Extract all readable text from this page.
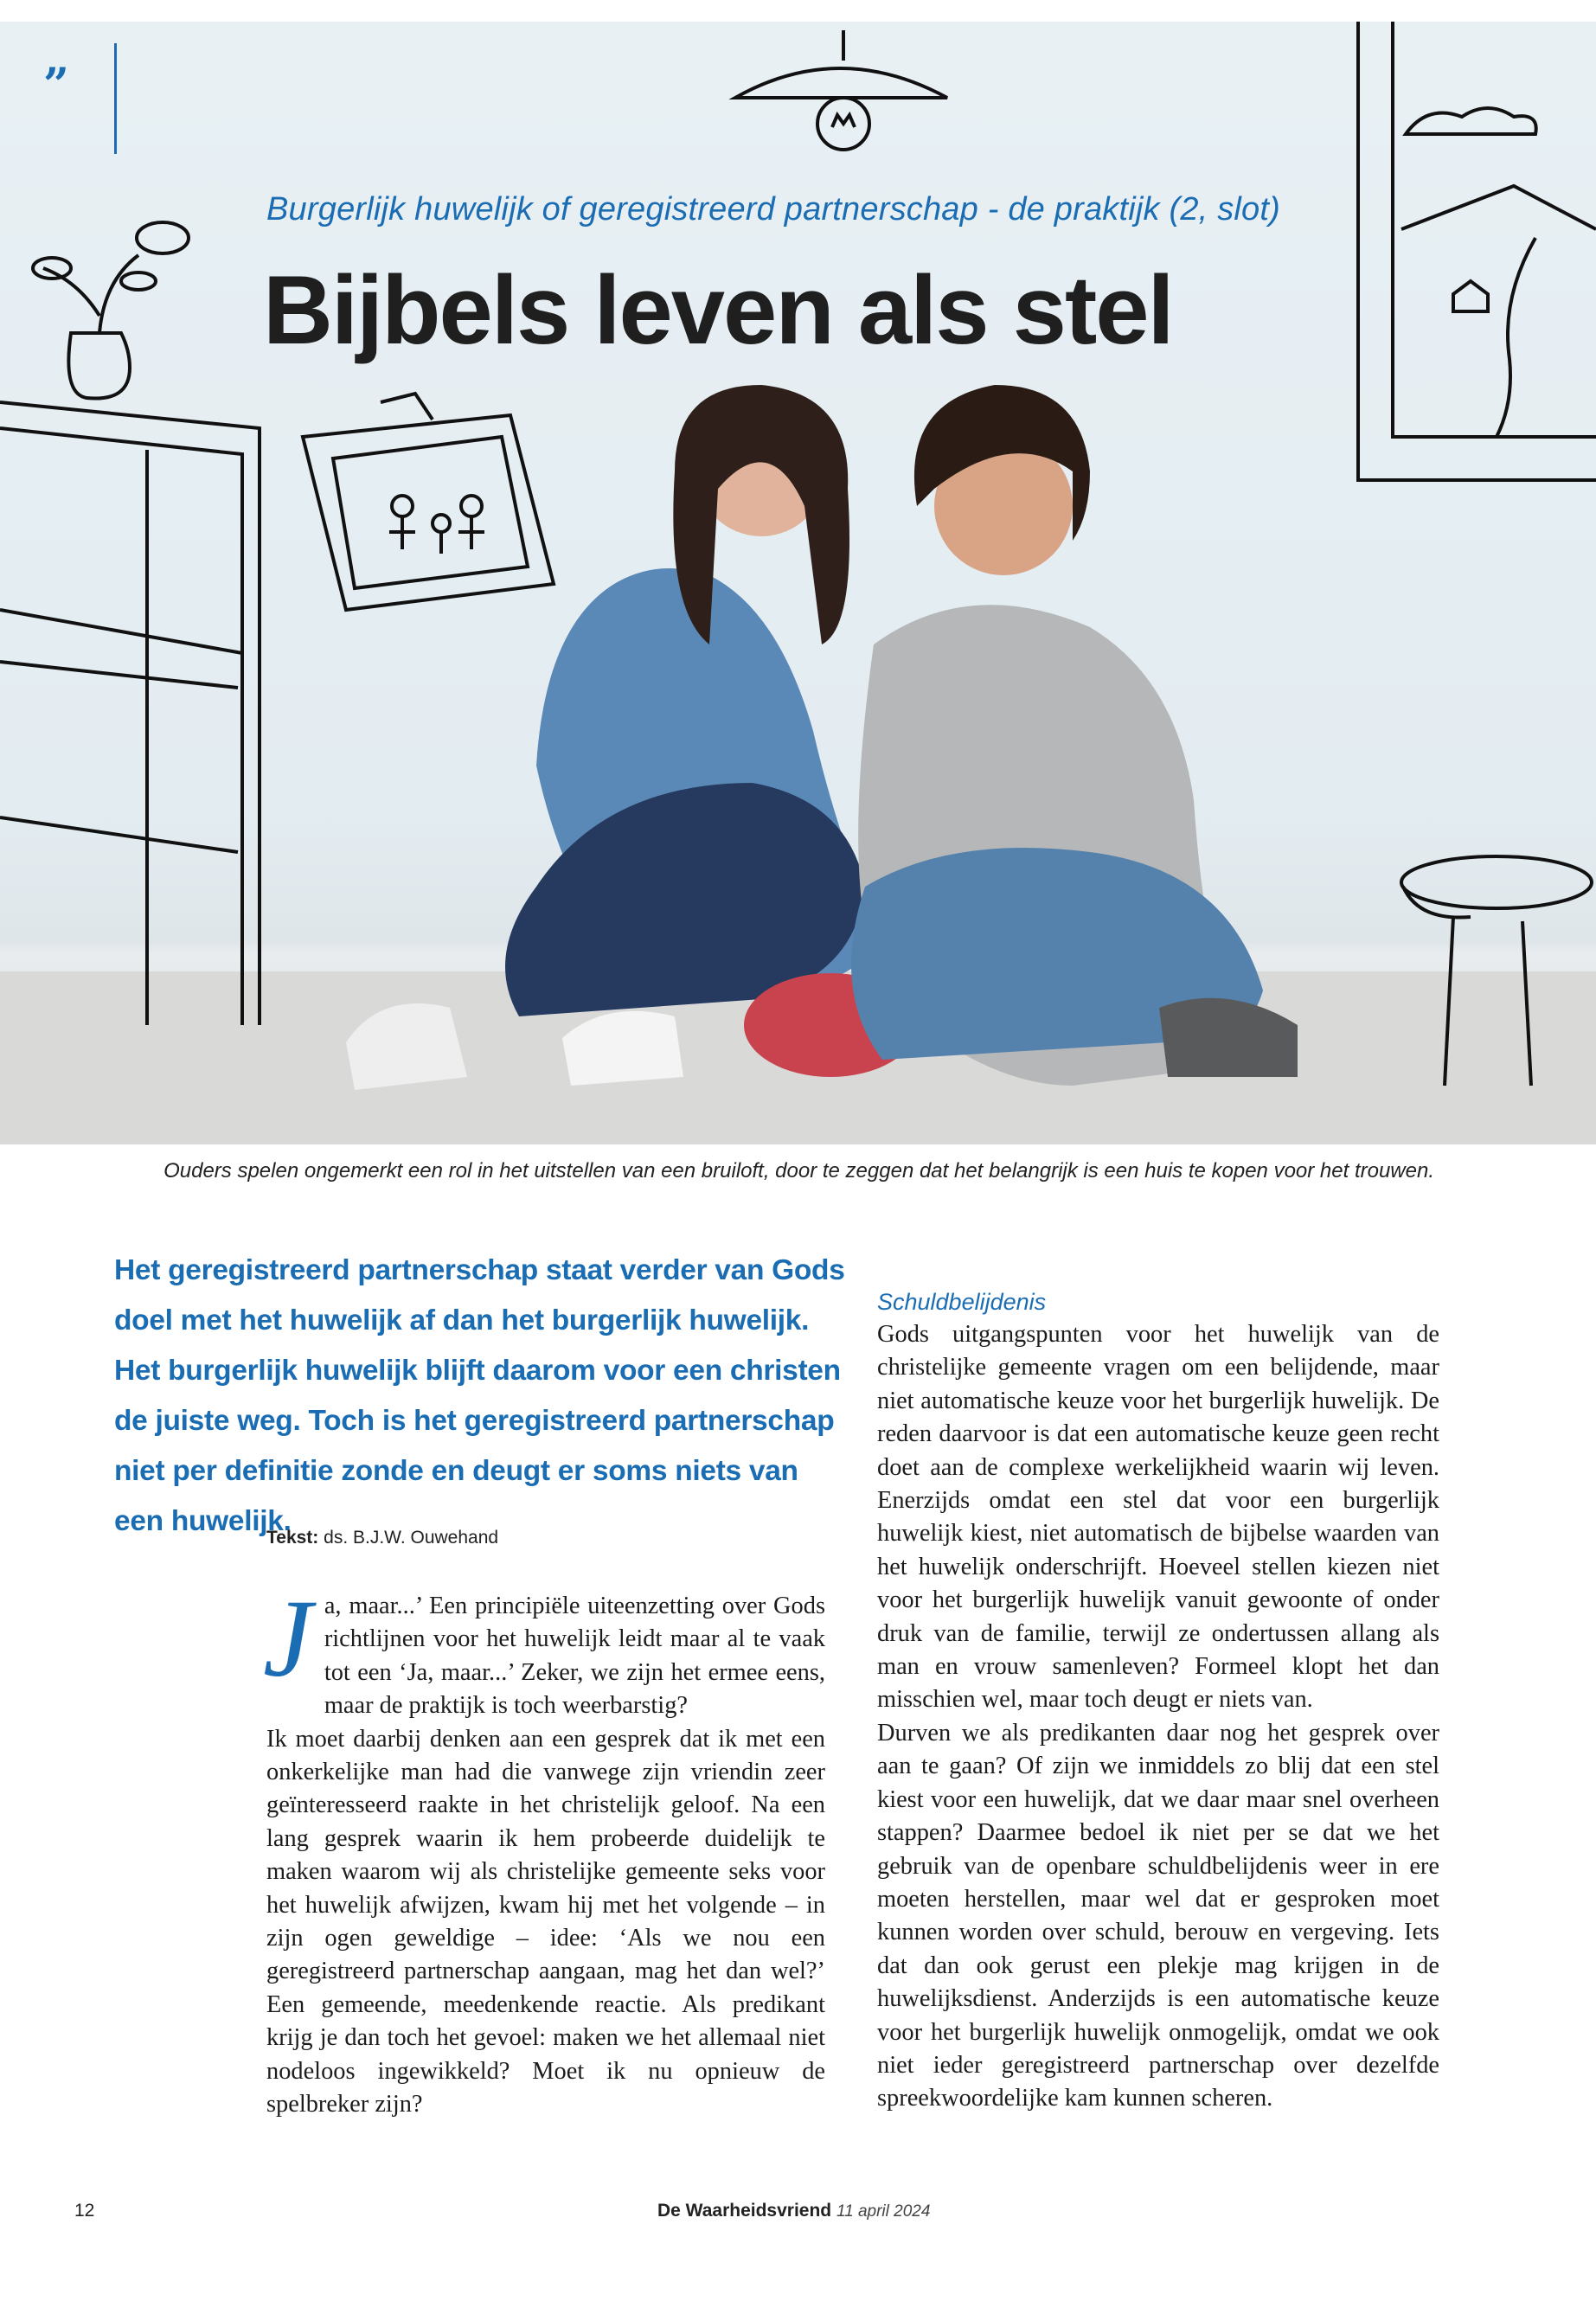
”
Burgerlijk huwelijk of geregistreerd partnerschap - de praktijk (2, slot)
Bijbels leven als stel
Ouders spelen ongemerkt een rol in het uitstellen van een bruiloft, door te zeggen dat het belangrijk is een huis te kopen voor het trouwen.
Het geregistreerd partnerschap staat verder van Gods doel met het huwelijk af dan het burgerlijk huwelijk. Het burgerlijk huwelijk blijft daarom voor een christen de juiste weg. Toch is het geregistreerd partnerschap niet per definitie zonde en deugt er soms niets van een huwelijk.
Tekst: ds. B.J.W. Ouwehand
J a, maar...’ Een principiële uiteenzetting over Gods richtlijnen voor het huwelijk leidt maar al te vaak tot een ‘Ja, maar...’ Zeker, we zijn het ermee eens, maar de praktijk is toch weerbarstig?

Ik moet daarbij denken aan een gesprek dat ik met een onkerkelijke man had die vanwege zijn vriendin zeer geïnteresseerd raakte in het christelijk geloof. Na een lang gesprek waarin ik hem probeerde duidelijk te maken waarom wij als christelijke gemeente seks voor het huwelijk afwijzen, kwam hij met het volgende – in zijn ogen geweldige – idee: ‘Als we nou een geregistreerd partnerschap aangaan, mag het dan wel?’ Een gemeende, meedenkende reactie. Als predikant krijg je dan toch het gevoel: maken we het allemaal niet nodeloos ingewikkeld? Moet ik nu opnieuw de spelbreker zijn?

Schuldbelijdenis

Gods uitgangspunten voor het huwelijk van de christelijke gemeente vragen om een belijdende, maar niet automatische keuze voor het burgerlijk huwelijk. De reden daarvoor is dat een automatische keuze geen recht doet aan de complexe werkelijkheid waarin wij leven. Enerzijds omdat een stel dat voor een burgerlijk huwelijk kiest, niet automatisch de bijbelse waarden van het huwelijk onderschrijft. Hoeveel stellen kiezen niet voor het burgerlijk huwelijk vanuit gewoonte of onder druk van de familie, terwijl ze ondertussen allang als man en vrouw samenleven? Formeel klopt het dan misschien wel, maar toch deugt er niets van.

Durven we als predikanten daar nog het gesprek over aan te gaan? Of zijn we inmiddels zo blij dat een stel kiest voor een huwelijk, dat we daar maar snel overheen stappen? Daarmee bedoel ik niet per se dat we het gebruik van de openbare schuldbelijdenis weer in ere moeten herstellen, maar wel dat er gesproken moet kunnen worden over schuld, berouw en vergeving. Iets dat dan ook gerust een plekje mag krijgen in de huwelijksdienst. Anderzijds is een automatische keuze voor het burgerlijk huwelijk onmogelijk, omdat we ook niet ieder geregistreerd partnerschap over dezelfde spreekwoordelijke kam kunnen scheren.

12	De Waarheidsvriend 11 april 2024
